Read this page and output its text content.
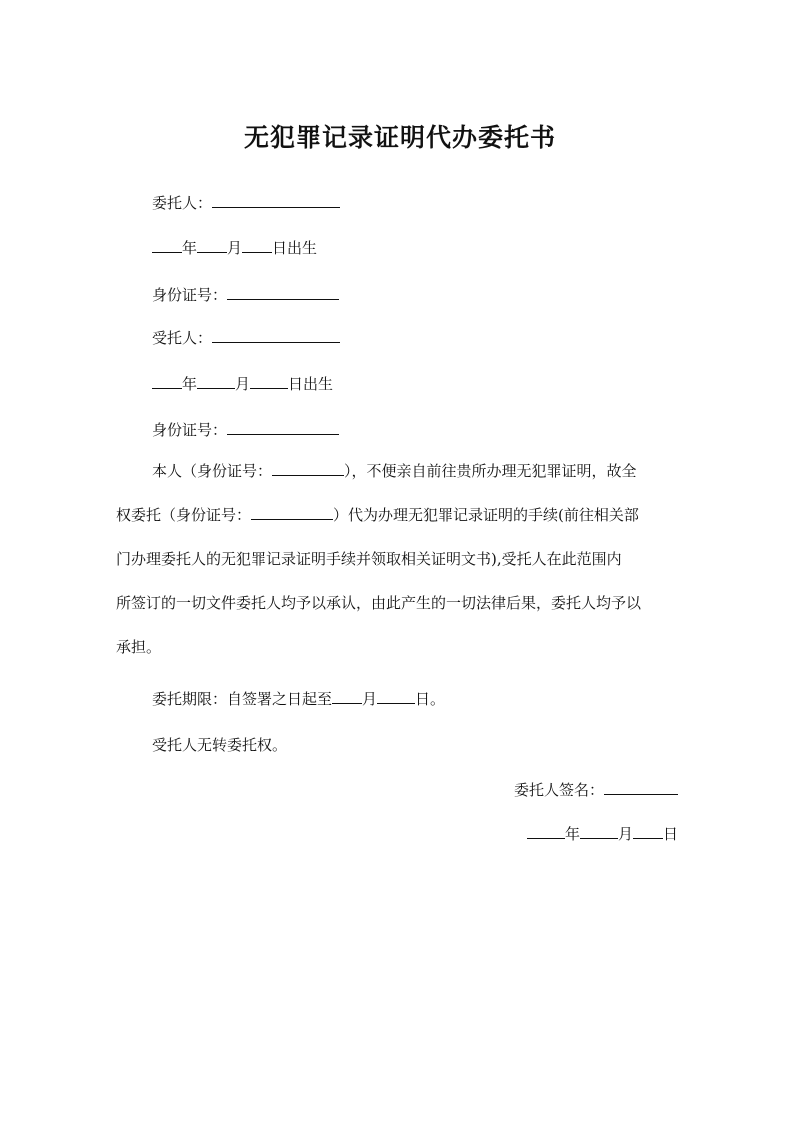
无犯罪记录证明代办委托书
委托人：
年 月 日出生
身份证号：
受托人：
年	月	日出生
身份证号：
本人（身份证号：	），不便亲自前往贵所办理无犯罪证明，故全
权委托（身份证号：	）代为办理无犯罪记录证明的手续(前往相关部
门办理委托人的无犯罪记录证明手续并领取相关证明文书),受托人在此范围内
所签订的一切文件委托人均予以承认，由此产生的一切法律后果，委托人均予以
承担。
委托期限：自签署之日起至 月	日。
受托人无转委托权。
委托人签名：
年	月 日
